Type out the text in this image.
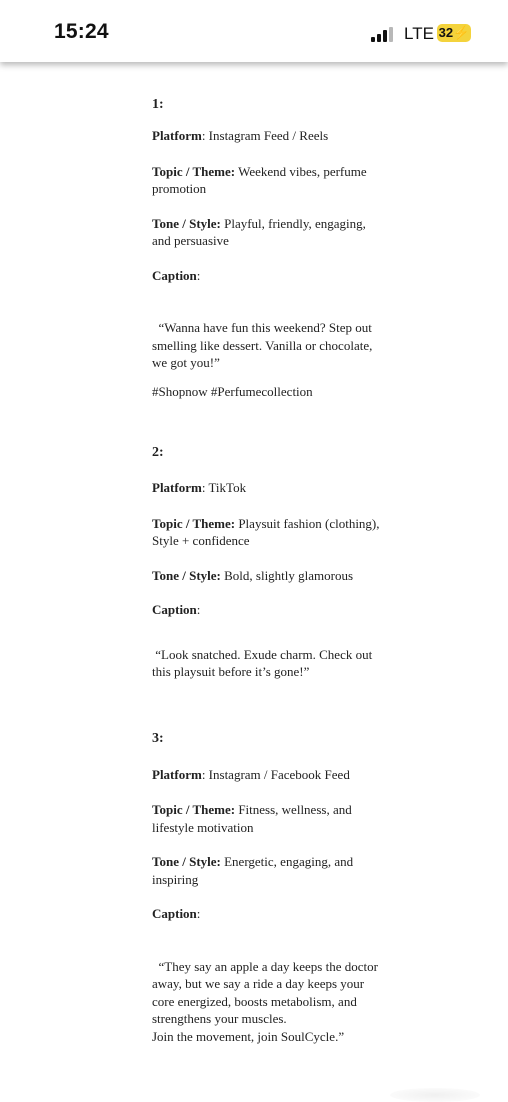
15:24	LTE 32⚡

1:

Platform: Instagram Feed / Reels

Topic / Theme: Weekend vibes, perfume promotion

Tone / Style: Playful, friendly, engaging, and persuasive

Caption:

“Wanna have fun this weekend? Step out smelling like dessert. Vanilla or chocolate, we got you!”

#Shopnow #Perfumecollection

2:

Platform: TikTok

Topic / Theme: Playsuit fashion (clothing), Style + confidence

Tone / Style: Bold, slightly glamorous

Caption:

“Look snatched. Exude charm. Check out this playsuit before it’s gone!”

3:

Platform: Instagram / Facebook Feed

Topic / Theme: Fitness, wellness, and lifestyle motivation

Tone / Style: Energetic, engaging, and inspiring

Caption:

“They say an apple a day keeps the doctor away, but we say a ride a day keeps your core energized, boosts metabolism, and strengthens your muscles.

Join the movement, join SoulCycle.”
